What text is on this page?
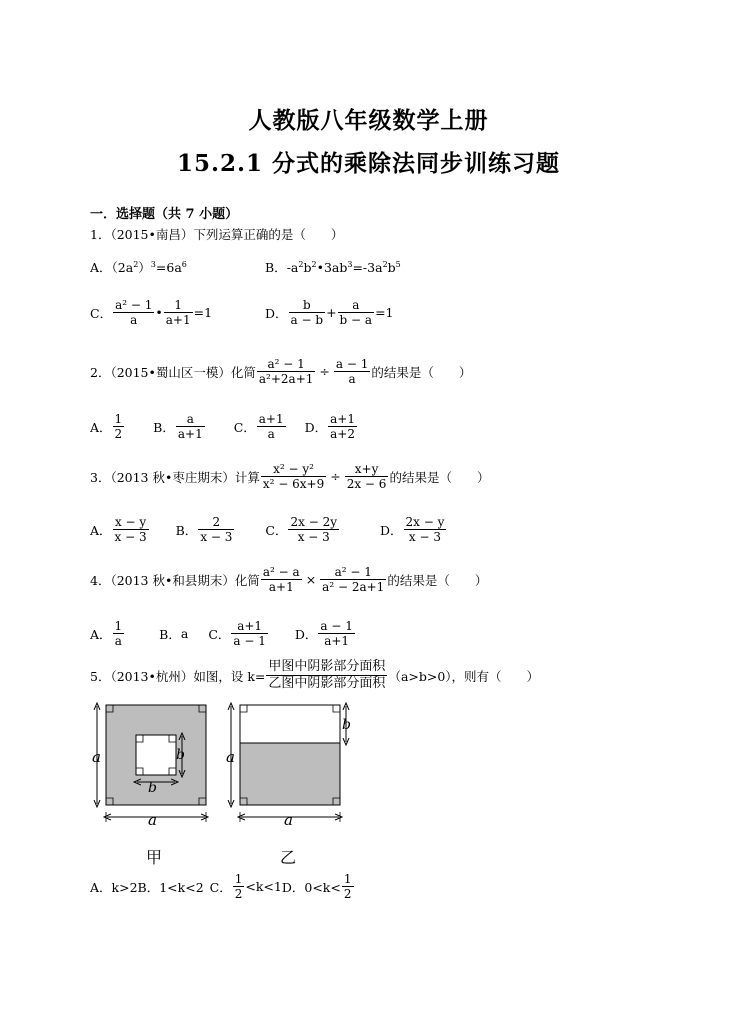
人教版八年级数学上册
15.2.1 分式的乘除法同步训练习题
一．选择题（共 7 小题）
1．（2015•南昌）下列运算正确的是（　　）
A．$(2a^2)^3=6a^6$	B．$-a^2b^2•3ab^3=-3a^2b^5$
C． $\frac{\text{a² − 1}}{a}$ • $\frac{1}{a+1} =1$	D． $\frac{b}{a - b} + \frac{a}{b - a} =1$
2．（2015•蜀山区一模）化简 $\frac{\text{a² − 1}}{\text{a²+2a+1}} \div \frac{a - 1}{a}$ 的结果是（　　）
A． $\frac{1}{2}$ B． $\frac{a}{a+1}$ C． $\frac{a+1}{a}$ D． $\frac{a+1}{a+2}$
3．（2013 秋•枣庄期末）计算 $\frac{\text{x² − y²}}{\text{x² − 6x+9}} \div \frac{x+y}{2x - 6}$ 的结果是（　　）
A． $\frac{x - y}{x - 3}$ B． $\frac{2}{x - 3}$ C． $\frac{2x - 2y}{x - 3}$	D． $\frac{2x - y}{x - 3}$
4．（2013 秋•和县期末）化简 $\frac{\text{a² − a}}{a+1} \times \frac{\text{a² − 1}}{\text{a² − 2a+1}}$ 的结果是（　　）
A． $\frac{1}{a}$	B． a C． $\frac{a+1}{a - 1}$ D． $\frac{a - 1}{a+1}$
5．（2013•杭州）如图，设 $k= \frac{\text{甲图中阴影部分面积}}{\text{乙图中阴影部分面积}} (a>b>0)$，则有（　　）
a
a
b
b
甲
a
a
b
乙
A．k>2 B．1<k<2 C． $\frac{1}{2} <k<1$ D．$0<k< \frac{1}{2}$
